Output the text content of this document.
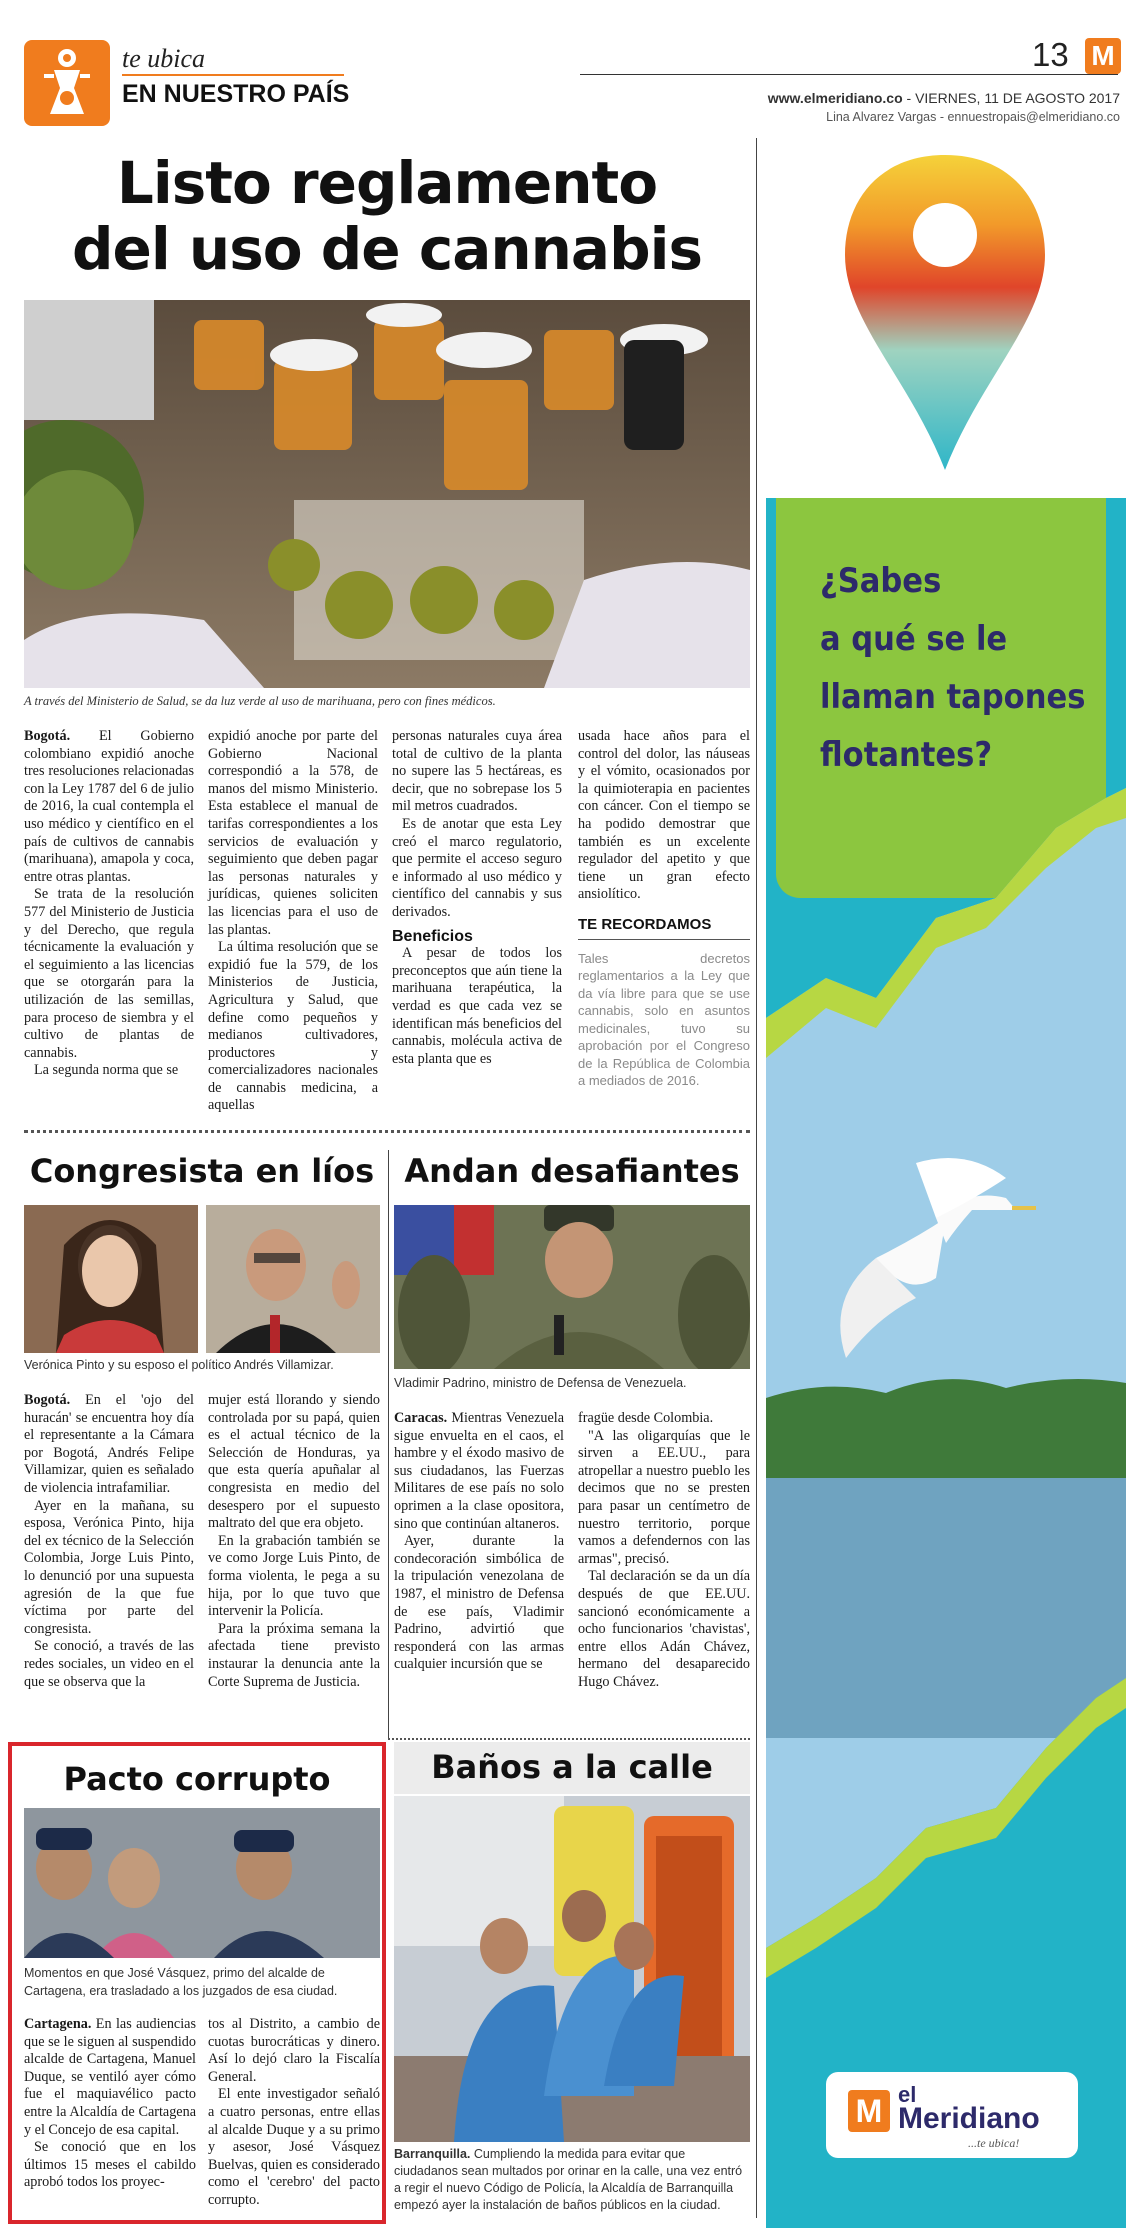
te ubica
EN NUESTRO PAÍS
13 M
www.elmeridiano.co - VIERNES, 11 DE AGOSTO 2017
Lina Alvarez Vargas - ennuestropais@elmeridiano.co
Listo reglamento
del uso de cannabis
A través del Ministerio de Salud, se da luz verde al uso de marihuana, pero con fines médicos.

Bogotá. El Gobierno colombiano expidió anoche tres resoluciones relacionadas con la Ley 1787 del 6 de julio de 2016, la cual contempla el uso médico y científico en el país de cultivos de cannabis (marihuana), amapola y coca, entre otras plantas.

Se trata de la resolución 577 del Ministerio de Justicia y del Derecho, que regula técnicamente la evaluación y el seguimiento a las licencias que se otorgarán para la utilización de las semillas, para proceso de siembra y el cultivo de plantas de cannabis.

La segunda norma que se

expidió anoche por parte del Gobierno Nacional correspondió a la 578, de manos del mismo Ministerio. Esta establece el manual de tarifas correspondientes a los servicios de evaluación y seguimiento que deben pagar las personas naturales y jurídicas, quienes soliciten las licencias para el uso de las plantas.

La última resolución que se expidió fue la 579, de los Ministerios de Justicia, Agricultura y Salud, que define como pequeños y medianos cultivadores, productores y comercializadores nacionales de cannabis medicina, a aquellas

personas naturales cuya área total de cultivo de la planta no supere las 5 hectáreas, es decir, que no sobrepase los 5 mil metros cuadrados.

Es de anotar que esta Ley creó el marco regulatorio, que permite el acceso seguro e informado al uso médico y científico del cannabis y sus derivados.

Beneficios

A pesar de todos los preconceptos que aún tiene la marihuana terapéutica, la verdad es que cada vez se identifican más beneficios del cannabis, molécula activa de esta planta que es

usada hace años para el control del dolor, las náuseas y el vómito, ocasionados por la quimioterapia en pacientes con cáncer. Con el tiempo se ha podido demostrar que también es un excelente regulador del apetito y que tiene un gran efecto ansiolítico.

TE RECORDAMOS
Tales decretos reglamentarios a la Ley que da vía libre para que se use cannabis, solo en asuntos medicinales, tuvo su aprobación por el Congreso de la República de Colombia a mediados de 2016.
Congresista en líos
Verónica Pinto y su esposo el político Andrés Villamizar.

Bogotá. En el 'ojo del huracán' se encuentra hoy día el representante a la Cámara por Bogotá, Andrés Felipe Villamizar, quien es señalado de violencia intrafamiliar.

Ayer en la mañana, su esposa, Verónica Pinto, hija del ex técnico de la Selección Colombia, Jorge Luis Pinto, lo denunció por una supuesta agresión de la que fue víctima por parte del congresista.

Se conoció, a través de las redes sociales, un video en el que se observa que la

mujer está llorando y siendo controlada por su papá, quien es el actual técnico de la Selección de Honduras, ya que esta quería apuñalar al congresista en medio del desespero por el supuesto maltrato del que era objeto.

En la grabación también se ve como Jorge Luis Pinto, de forma violenta, le pega a su hija, por lo que tuvo que intervenir la Policía.

Para la próxima semana la afectada tiene previsto instaurar la denuncia ante la Corte Suprema de Justicia.

Andan desafiantes
Vladimir Padrino, ministro de Defensa de Venezuela.

Caracas. Mientras Venezuela sigue envuelta en el caos, el hambre y el éxodo masivo de sus ciudadanos, las Fuerzas Militares de ese país no solo oprimen a la clase opositora, sino que continúan altaneros.

Ayer, durante la condecoración simbólica de la tripulación venezolana de 1987, el ministro de Defensa de ese país, Vladimir Padrino, advirtió que responderá con las armas cualquier incursión que se

fragüe desde Colombia.

"A las oligarquías que le sirven a EE.UU., para atropellar a nuestro pueblo les decimos que no se presten para pasar un centímetro de nuestro territorio, porque vamos a defendernos con las armas", precisó.

Tal declaración se da un día después de que EE.UU. sancionó económicamente a ocho funcionarios 'chavistas', entre ellos Adán Chávez, hermano del desaparecido Hugo Chávez.

Pacto corrupto
Momentos en que José Vásquez, primo del alcalde de Cartagena, era trasladado a los juzgados de esa ciudad.

Cartagena. En las audiencias que se le siguen al suspendido alcalde de Cartagena, Manuel Duque, se ventiló ayer cómo fue el maquiavélico pacto entre la Alcaldía de Cartagena y el Concejo de esa capital.

Se conoció que en los últimos 15 meses el cabildo aprobó todos los proyec-

tos al Distrito, a cambio de cuotas burocráticas y dinero. Así lo dejó claro la Fiscalía General.

El ente investigador señaló a cuatro personas, entre ellas al alcalde Duque y a su primo y asesor, José Vásquez Buelvas, quien es considerado como el 'cerebro' del pacto corrupto.

Baños a la calle
Barranquilla. Cumpliendo la medida para evitar que ciudadanos sean multados por orinar en la calle, una vez entró a regir el nuevo Código de Policía, la Alcaldía de Barranquilla empezó ayer la instalación de baños públicos en la ciudad.
¿Sabes
a qué se le
llaman tapones
flotantes?
M el
Meridiano
...te ubica!
